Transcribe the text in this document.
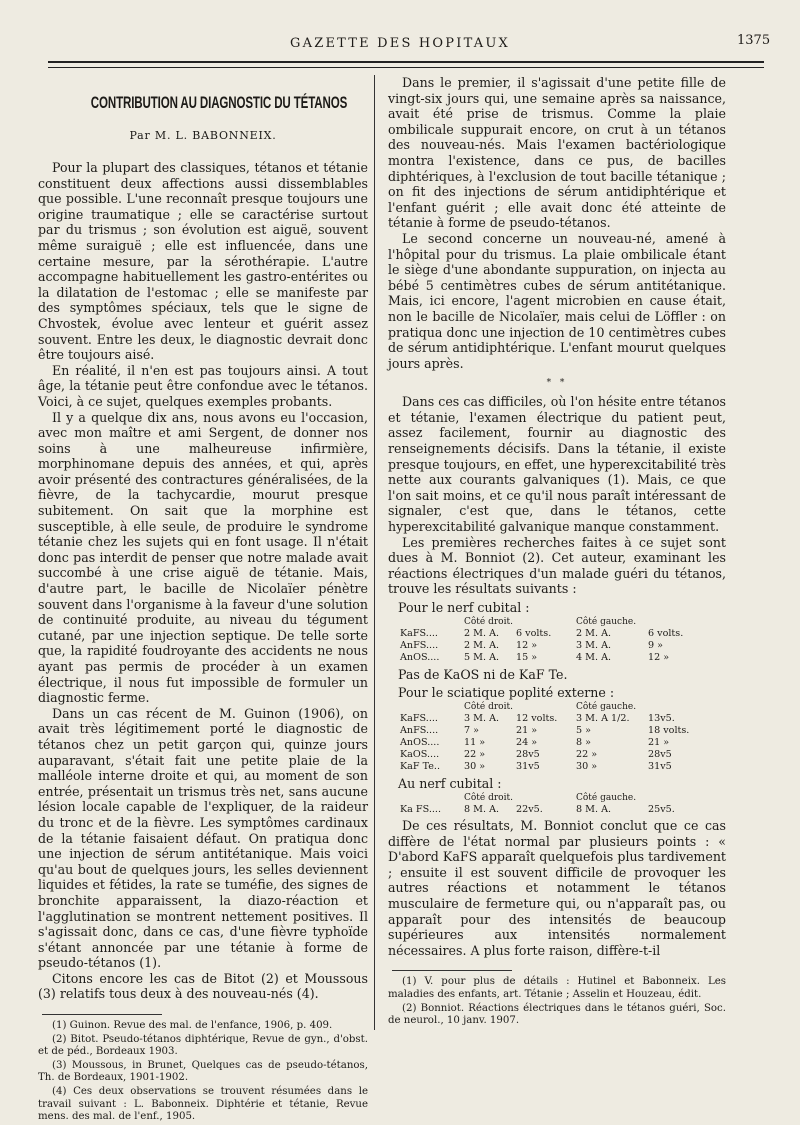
GAZETTE DES HOPITAUX	1375
CONTRIBUTION AU DIAGNOSTIC DU TÉTANOS
Par M. L. BABONNEIX.

Pour la plupart des classiques, tétanos et tétanie constituent deux affections aussi dissemblables que possible. L'une reconnaît presque toujours une origine traumatique ; elle se caractérise surtout par du trismus ; son évolution est aiguë, souvent même suraiguë ; elle est influencée, dans une certaine mesure, par la sérothérapie. L'autre accompagne habituellement les gastro-entérites ou la dilatation de l'estomac ; elle se manifeste par des symptômes spéciaux, tels que le signe de Chvostek, évolue avec lenteur et guérit assez souvent. Entre les deux, le diagnostic devrait donc être toujours aisé.

En réalité, il n'en est pas toujours ainsi. A tout âge, la tétanie peut être confondue avec le tétanos. Voici, à ce sujet, quelques exemples probants.

Il y a quelque dix ans, nous avons eu l'occasion, avec mon maître et ami Sergent, de donner nos soins à une malheureuse infirmière, morphinomane depuis des années, et qui, après avoir présenté des contractures généralisées, de la fièvre, de la tachycardie, mourut presque subitement. On sait que la morphine est susceptible, à elle seule, de produire le syndrome tétanie chez les sujets qui en font usage. Il n'était donc pas interdit de penser que notre malade avait succombé à une crise aiguë de tétanie. Mais, d'autre part, le bacille de Nicolaïer pénètre souvent dans l'organisme à la faveur d'une solution de continuité produite, au niveau du tégument cutané, par une injection septique. De telle sorte que, la rapidité foudroyante des accidents ne nous ayant pas permis de procéder à un examen électrique, il nous fut impossible de formuler un diagnostic ferme.

Dans un cas récent de M. Guinon (1906), on avait très légitimement porté le diagnostic de tétanos chez un petit garçon qui, quinze jours auparavant, s'était fait une petite plaie de la malléole interne droite et qui, au moment de son entrée, présentait un trismus très net, sans aucune lésion locale capable de l'expliquer, de la raideur du tronc et de la fièvre. Les symptômes cardinaux de la tétanie faisaient défaut. On pratiqua donc une injection de sérum antitétanique. Mais voici qu'au bout de quelques jours, les selles deviennent liquides et fétides, la rate se tuméfie, des signes de bronchite apparaissent, la diazo-réaction et l'agglutination se montrent nettement positives. Il s'agissait donc, dans ce cas, d'une fièvre typhoïde s'étant annoncée par une tétanie à forme de pseudo-tétanos (1).

Citons encore les cas de Bitot (2) et Moussous (3) relatifs tous deux à des nouveau-nés (4).

(1) Guinon. Revue des mal. de l'enfance, 1906, p. 409.

(2) Bitot. Pseudo-tétanos diphtérique, Revue de gyn., d'obst. et de péd., Bordeaux 1903.

(3) Moussous, in Brunet, Quelques cas de pseudo-tétanos, Th. de Bordeaux, 1901-1902.

(4) Ces deux observations se trouvent résumées dans le travail suivant : L. Babonneix. Diphtérie et tétanie, Revue mens. des mal. de l'enf., 1905.

Dans le premier, il s'agissait d'une petite fille de vingt-six jours qui, une semaine après sa naissance, avait été prise de trismus. Comme la plaie ombilicale suppurait encore, on crut à un tétanos des nouveau-nés. Mais l'examen bactériologique montra l'existence, dans ce pus, de bacilles diphtériques, à l'exclusion de tout bacille tétanique ; on fit des injections de sérum antidiphtérique et l'enfant guérit ; elle avait donc été atteinte de tétanie à forme de pseudo-tétanos.

Le second concerne un nouveau-né, amené à l'hôpital pour du trismus. La plaie ombilicale étant le siège d'une abondante suppuration, on injecta au bébé 5 centimètres cubes de sérum antitétanique. Mais, ici encore, l'agent microbien en cause était, non le bacille de Nicolaïer, mais celui de Löffler : on pratiqua donc une injection de 10 centimètres cubes de sérum antidiphtérique. L'enfant mourut quelques jours après.

* *

Dans ces cas difficiles, où l'on hésite entre tétanos et tétanie, l'examen électrique du patient peut, assez facilement, fournir au diagnostic des renseignements décisifs. Dans la tétanie, il existe presque toujours, en effet, une hyperexcitabilité très nette aux courants galvaniques (1). Mais, ce que l'on sait moins, et ce qu'il nous paraît intéressant de signaler, c'est que, dans le tétanos, cette hyperexcitabilité galvanique manque constamment.

Les premières recherches faites à ce sujet sont dues à M. Bonniot (2). Cet auteur, examinant les réactions électriques d'un malade guéri du tétanos, trouve les résultats suivants :

Pour le nerf cubital :
	Côté droit.		Côté gauche.	
KaFS....	2 M. A.	6 volts.	2 M. A.	6 volts.
AnFS....	2 M. A.	12 »	3 M. A.	9 »
AnOS....	5 M. A.	15 »	4 M. A.	12 »
Pas de KaOS ni de KaF Te.
Pour le sciatique poplité externe :
	Côté droit.		Côté gauche.	
KaFS....	3 M. A.	12 volts.	3 M. A 1/2.	13v5.
AnFS....	7 »	21 »	5 »	18 volts.
AnOS....	11 »	24 »	8 »	21 »
KaOS....	22 »	28v5	22 »	28v5
KaF Te..	30 »	31v5	30 »	31v5
Au nerf cubital :
	Côté droit.		Côté gauche.	
Ka FS....	8 M. A.	22v5.	8 M. A.	25v5.

De ces résultats, M. Bonniot conclut que ce cas diffère de l'état normal par plusieurs points : « D'abord KaFS apparaît quelquefois plus tardivement ; ensuite il est souvent difficile de provoquer les autres réactions et notamment le tétanos musculaire de fermeture qui, ou n'apparaît pas, ou apparaît pour des intensités de beaucoup supérieures aux intensités normalement nécessaires. A plus forte raison, diffère-t-il

(1) V. pour plus de détails : Hutinel et Babonneix. Les maladies des enfants, art. Tétanie ; Asselin et Houzeau, édit.

(2) Bonniot. Réactions électriques dans le tétanos guéri, Soc. de neurol., 10 janv. 1907.
